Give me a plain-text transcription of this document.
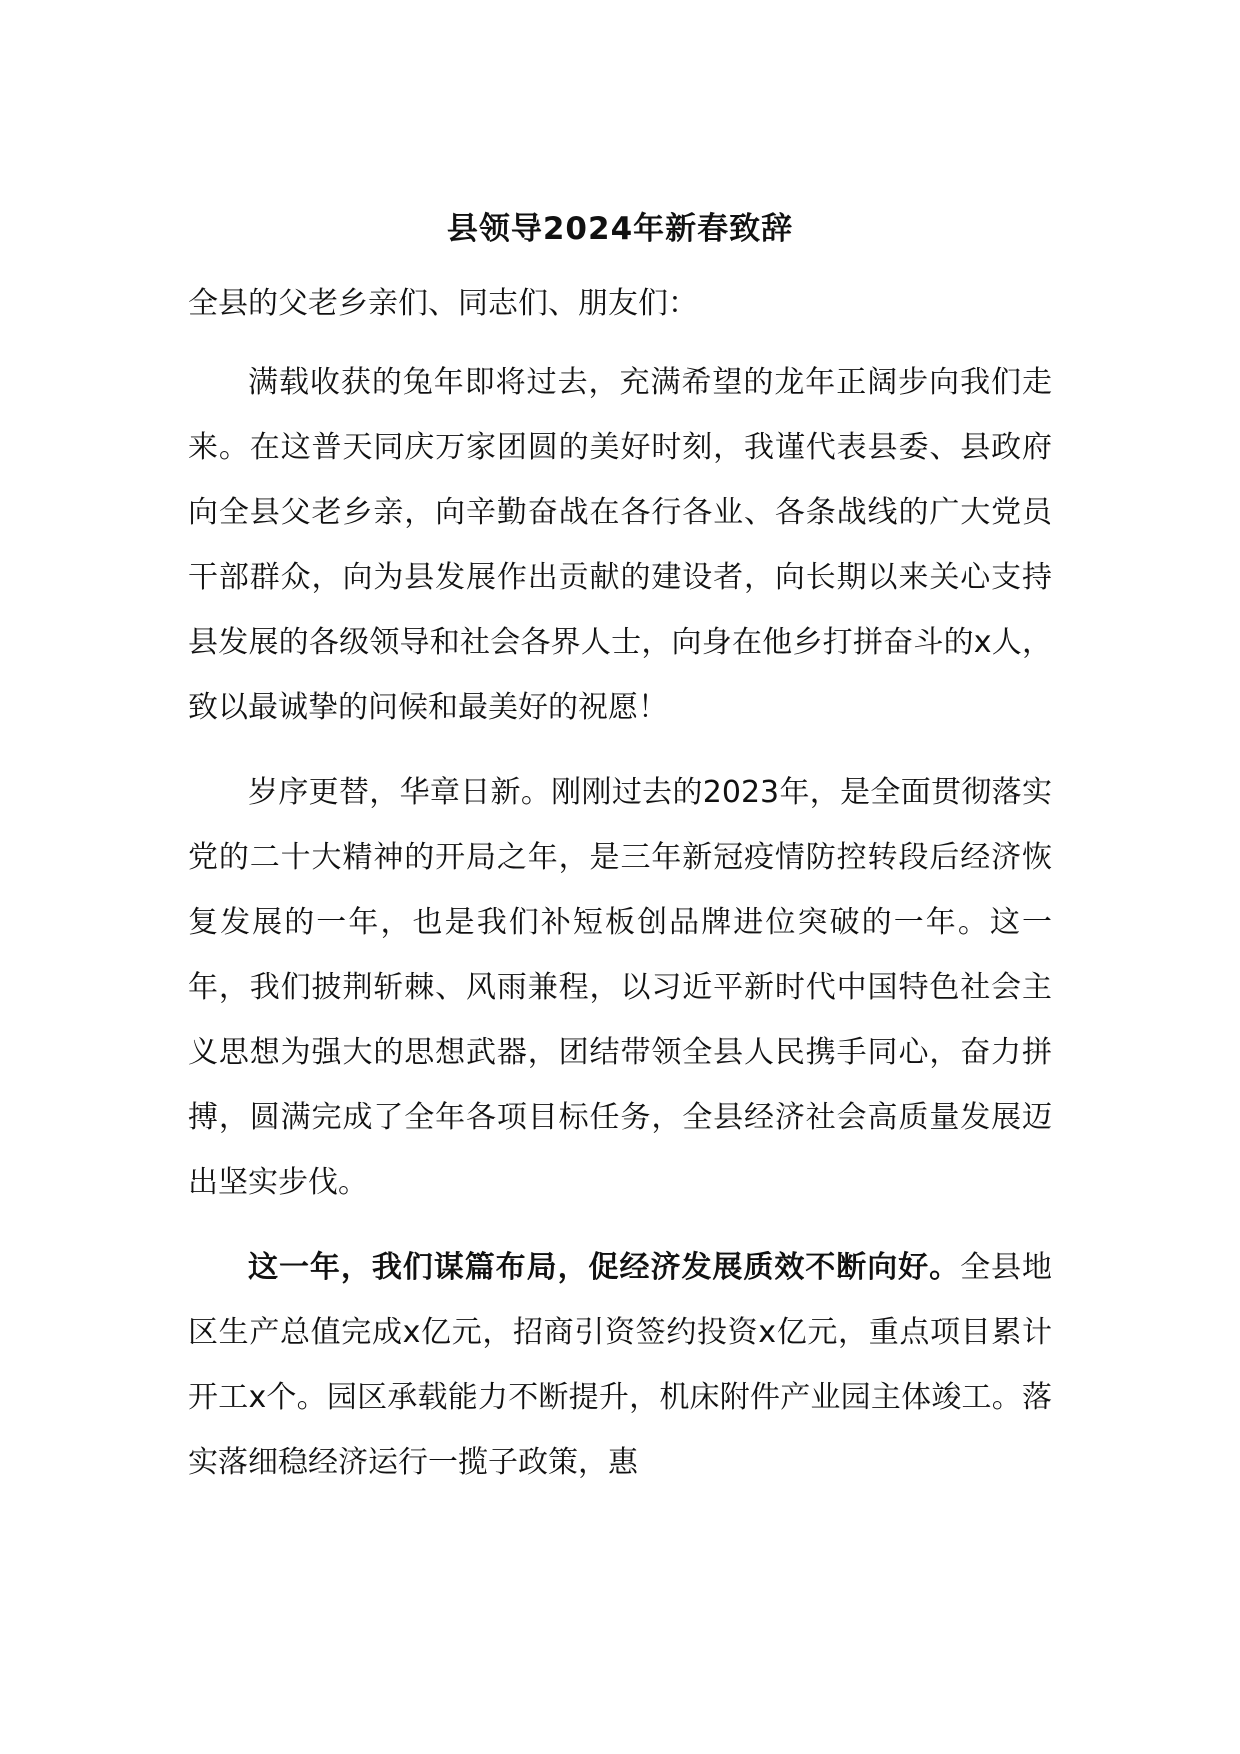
县领导2024年新春致辞

全县的父老乡亲们、同志们、朋友们：

满载收获的兔年即将过去，充满希望的龙年正阔步向我们走来。在这普天同庆万家团圆的美好时刻，我谨代表县委、县政府向全县父老乡亲，向辛勤奋战在各行各业、各条战线的广大党员干部群众，向为县发展作出贡献的建设者，向长期以来关心支持县发展的各级领导和社会各界人士，向身在他乡打拼奋斗的x人，致以最诚挚的问候和最美好的祝愿！

岁序更替，华章日新。刚刚过去的2023年，是全面贯彻落实党的二十大精神的开局之年，是三年新冠疫情防控转段后经济恢复发展的一年，也是我们补短板创品牌进位突破的一年。这一年，我们披荆斩棘、风雨兼程，以习近平新时代中国特色社会主义思想为强大的思想武器，团结带领全县人民携手同心，奋力拼搏，圆满完成了全年各项目标任务，全县经济社会高质量发展迈出坚实步伐。

这一年，我们谋篇布局，促经济发展质效不断向好。全县地区生产总值完成x亿元，招商引资签约投资x亿元，重点项目累计开工x个。园区承载能力不断提升，机床附件产业园主体竣工。落实落细稳经济运行一揽子政策，惠
